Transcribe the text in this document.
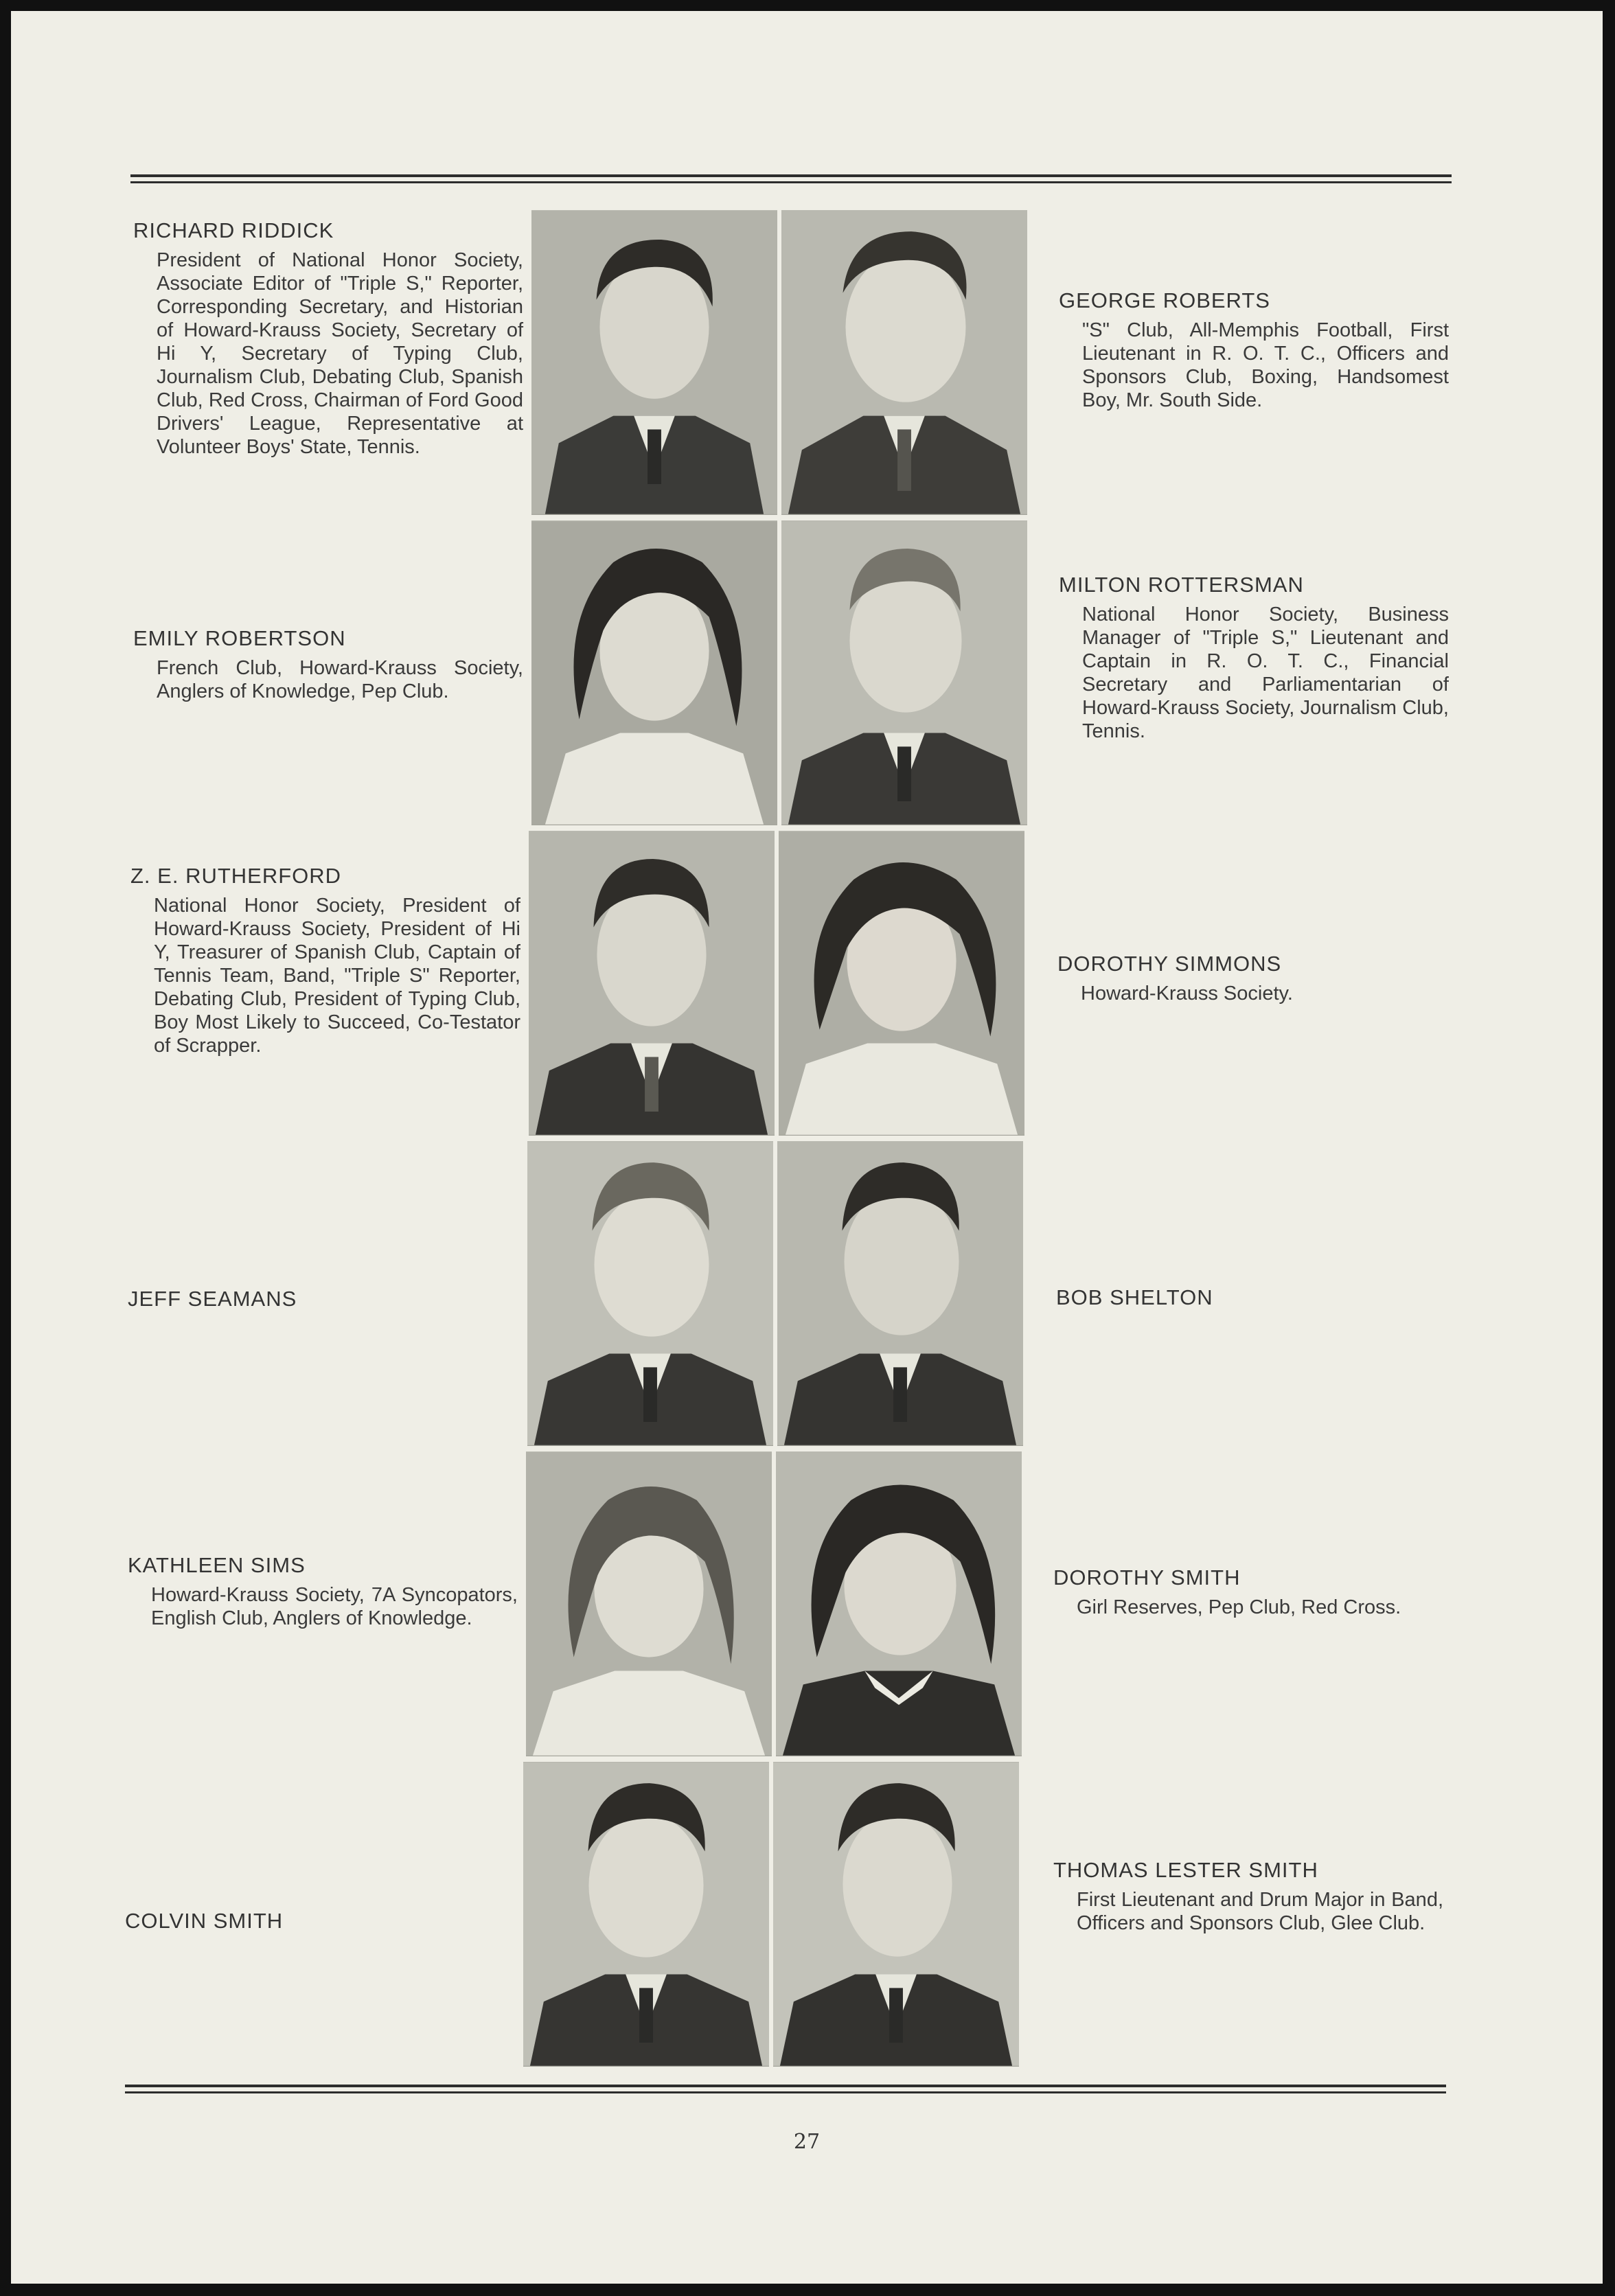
RICHARD RIDDICK

President of National Honor Society, Associate Editor of "Triple S," Reporter, Corresponding Secretary, and Historian of Howard-Krauss Society, Secretary of Hi Y, Secretary of Typing Club, Journalism Club, Debating Club, Spanish Club, Red Cross, Chairman of Ford Good Drivers' League, Representative at Volunteer Boys' State, Tennis.

EMILY ROBERTSON

French Club, Howard-Krauss Society, Anglers of Knowledge, Pep Club.

Z. E. RUTHERFORD

National Honor Society, President of Howard-Krauss Society, President of Hi Y, Treasurer of Spanish Club, Captain of Tennis Team, Band, "Triple S" Reporter, Debating Club, President of Typing Club, Boy Most Likely to Succeed, Co-Testator of Scrapper.

JEFF SEAMANS

KATHLEEN SIMS

Howard-Krauss Society, 7A Syncopators, English Club, Anglers of Knowledge.

COLVIN SMITH

GEORGE ROBERTS

"S" Club, All-Memphis Football, First Lieutenant in R. O. T. C., Officers and Sponsors Club, Boxing, Handsomest Boy, Mr. South Side.

MILTON ROTTERSMAN

National Honor Society, Business Manager of "Triple S," Lieutenant and Captain in R. O. T. C., Financial Secretary and Parliamentarian of Howard-Krauss Society, Journalism Club, Tennis.

DOROTHY SIMMONS

Howard-Krauss Society.

BOB SHELTON

DOROTHY SMITH

Girl Reserves, Pep Club, Red Cross.

THOMAS LESTER SMITH

First Lieutenant and Drum Major in Band, Officers and Sponsors Club, Glee Club.

27
